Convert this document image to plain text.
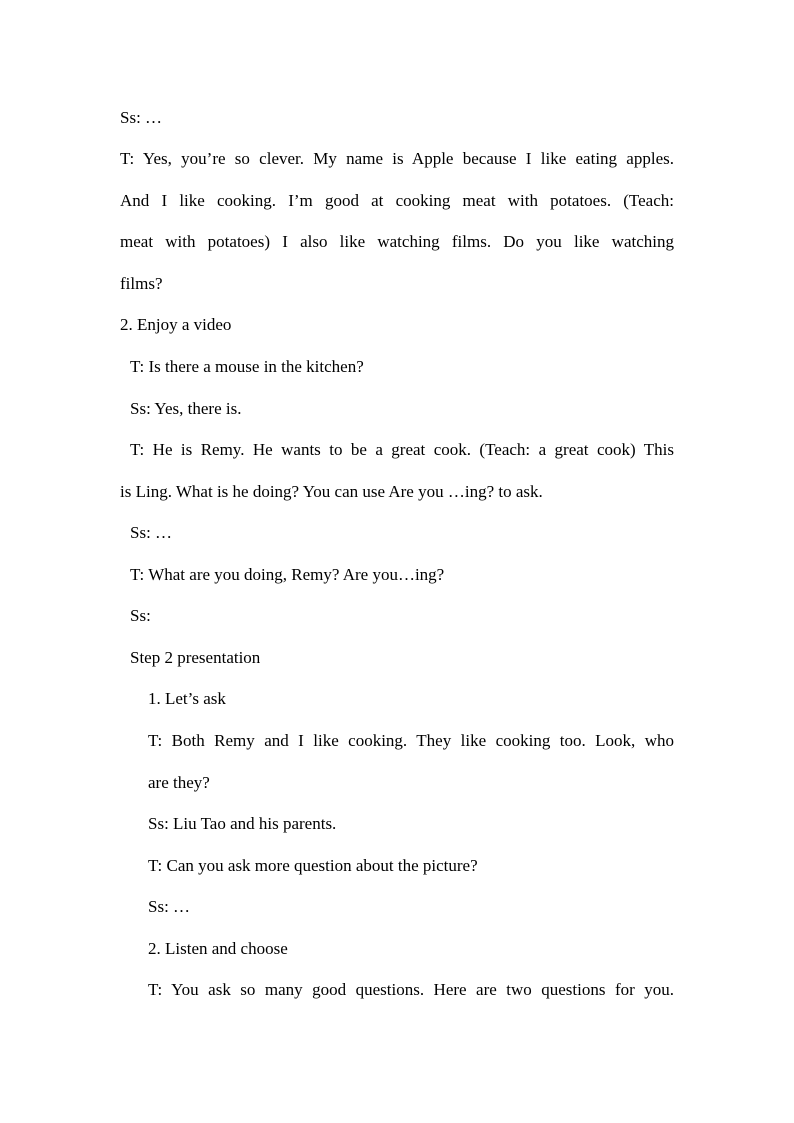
Ss: …
T: Yes, you’re so clever. My name is Apple because I like eating apples.
And I like cooking. I’m good at cooking meat with potatoes. (Teach:
meat with potatoes) I also like watching films. Do you like watching
films?
2. Enjoy a video
T: Is there a mouse in the kitchen?
Ss: Yes, there is.
T: He is Remy. He wants to be a great cook. (Teach: a great cook) This
is Ling. What is he doing? You can use Are you …ing? to ask.
Ss: …
T: What are you doing, Remy? Are you…ing?
Ss:
Step 2 presentation
1. Let’s ask
T: Both Remy and I like cooking. They like cooking too. Look, who
are they?
Ss: Liu Tao and his parents.
T: Can you ask more question about the picture?
Ss: …
2. Listen and choose
T: You ask so many good questions. Here are two questions for you.
